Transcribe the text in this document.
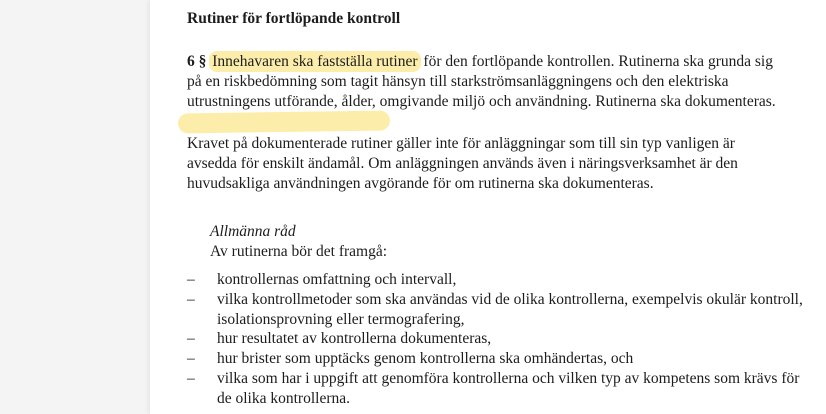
Rutiner för fortlöpande kontroll
6 § Innehavaren ska fastställa rutiner för den fortlöpande kontrollen. Rutinerna ska grunda sig på en riskbedömning som tagit hänsyn till starkströmsanläggningens och den elektriska utrustningens utförande, ålder, omgivande miljö och användning. Rutinerna ska dokumenteras.
Kravet på dokumenterade rutiner gäller inte för anläggningar som till sin typ vanligen är avsedda för enskilt ändamål. Om anläggningen används även i näringsverksamhet är den huvudsakliga användningen avgörande för om rutinerna ska dokumenteras.
Allmänna råd
Av rutinerna bör det framgå:
– kontrollernas omfattning och intervall,
– vilka kontrollmetoder som ska användas vid de olika kontrollerna, exempelvis okulär kontroll, isolationsprovning eller termografering,
– hur resultatet av kontrollerna dokumenteras,
– hur brister som upptäcks genom kontrollerna ska omhändertas, och
– vilka som har i uppgift att genomföra kontrollerna och vilken typ av kompetens som krävs för de olika kontrollerna.
